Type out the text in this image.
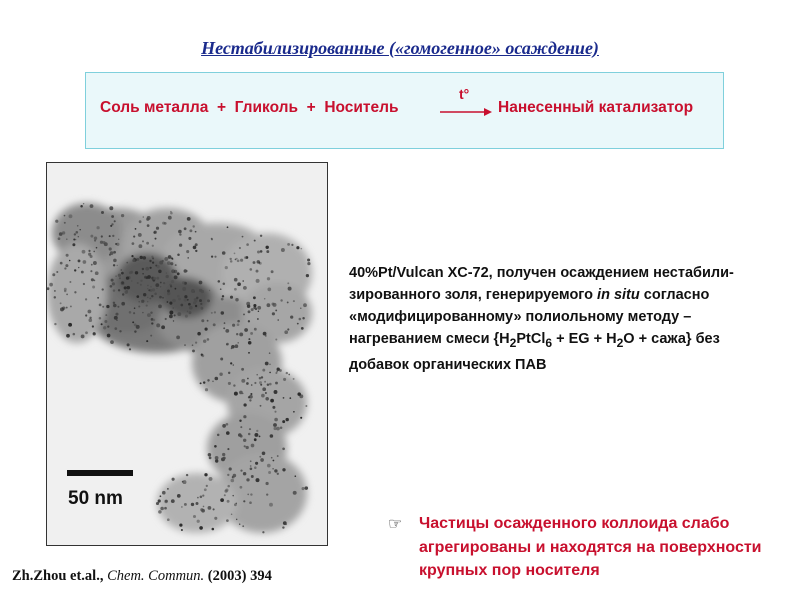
Нестабилизированные («гомогенное» осаждение)
Соль металла  +  Гликоль  +  Носитель
t°
→ Нанесенный катализатор
50 nm
40%Pt/Vulcan XC-72, получен осаждением нестабили-
зированного золя, генерируемого in situ согласно
«модифицированному» полиольному методу –
нагреванием смеси {$H_2PtCl_6$ + EG + $H_2O$ + сажа} без
добавок органических ПАВ
☞ Частицы осажденного коллоида слабо агрегированы и находятся на поверхности крупных пор носителя
Zh.Zhou et.al., Chem. Commun. (2003) 394
